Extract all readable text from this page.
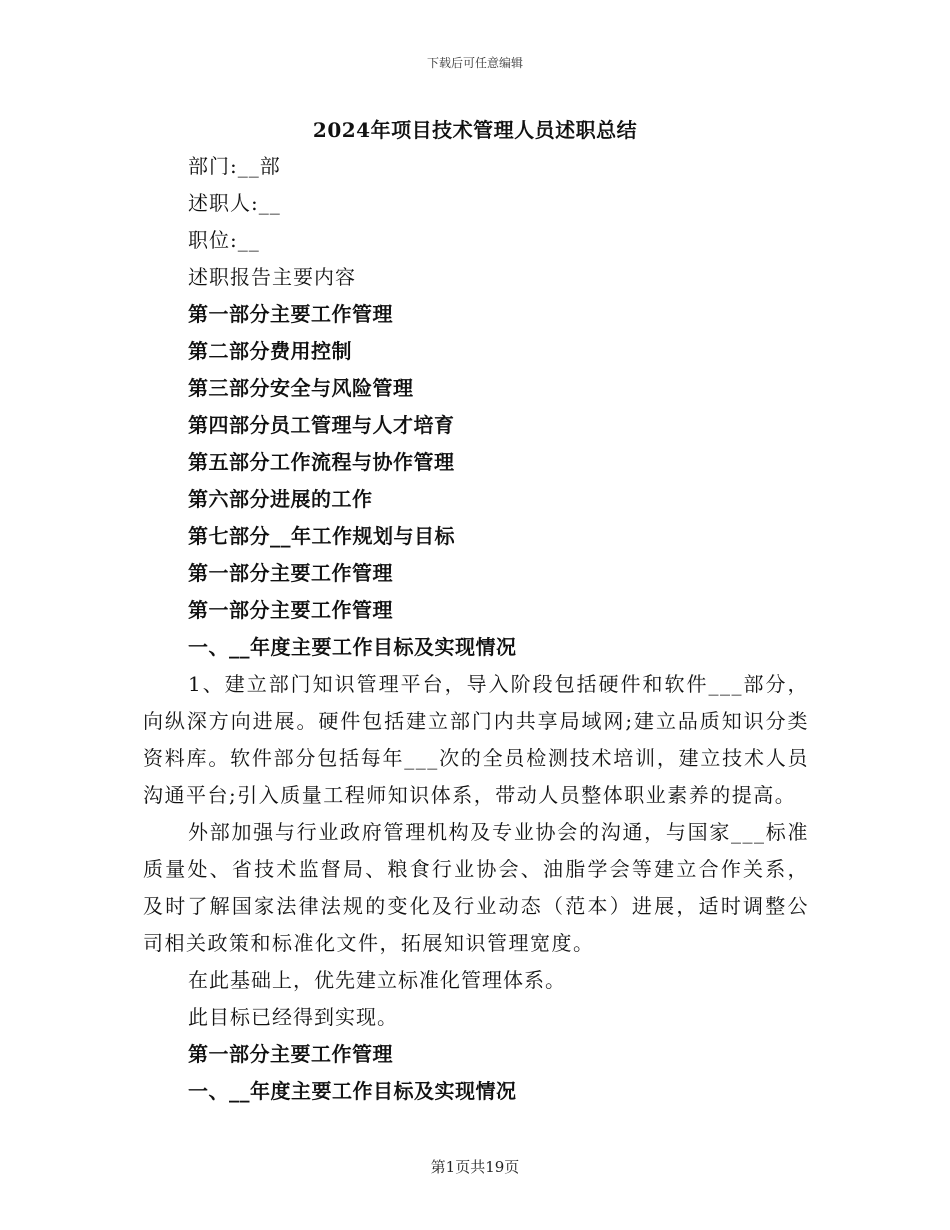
下载后可任意编辑
2024年项目技术管理人员述职总结
部门:__部
述职人:__
职位:__
述职报告主要内容
第一部分主要工作管理
第二部分费用控制
第三部分安全与风险管理
第四部分员工管理与人才培育
第五部分工作流程与协作管理
第六部分进展的工作
第七部分__年工作规划与目标
第一部分主要工作管理
第一部分主要工作管理
一、__年度主要工作目标及实现情况

1、建立部门知识管理平台，导入阶段包括硬件和软件___部分，向纵深方向进展。硬件包括建立部门内共享局域网;建立品质知识分类资料库。软件部分包括每年___次的全员检测技术培训，建立技术人员沟通平台;引入质量工程师知识体系，带动人员整体职业素养的提高。

外部加强与行业政府管理机构及专业协会的沟通，与国家___标准质量处、省技术监督局、粮食行业协会、油脂学会等建立合作关系，及时了解国家法律法规的变化及行业动态（范本）进展，适时调整公司相关政策和标准化文件，拓展知识管理宽度。

在此基础上，优先建立标准化管理体系。
此目标已经得到实现。
第一部分主要工作管理
一、__年度主要工作目标及实现情况
第1页共19页
